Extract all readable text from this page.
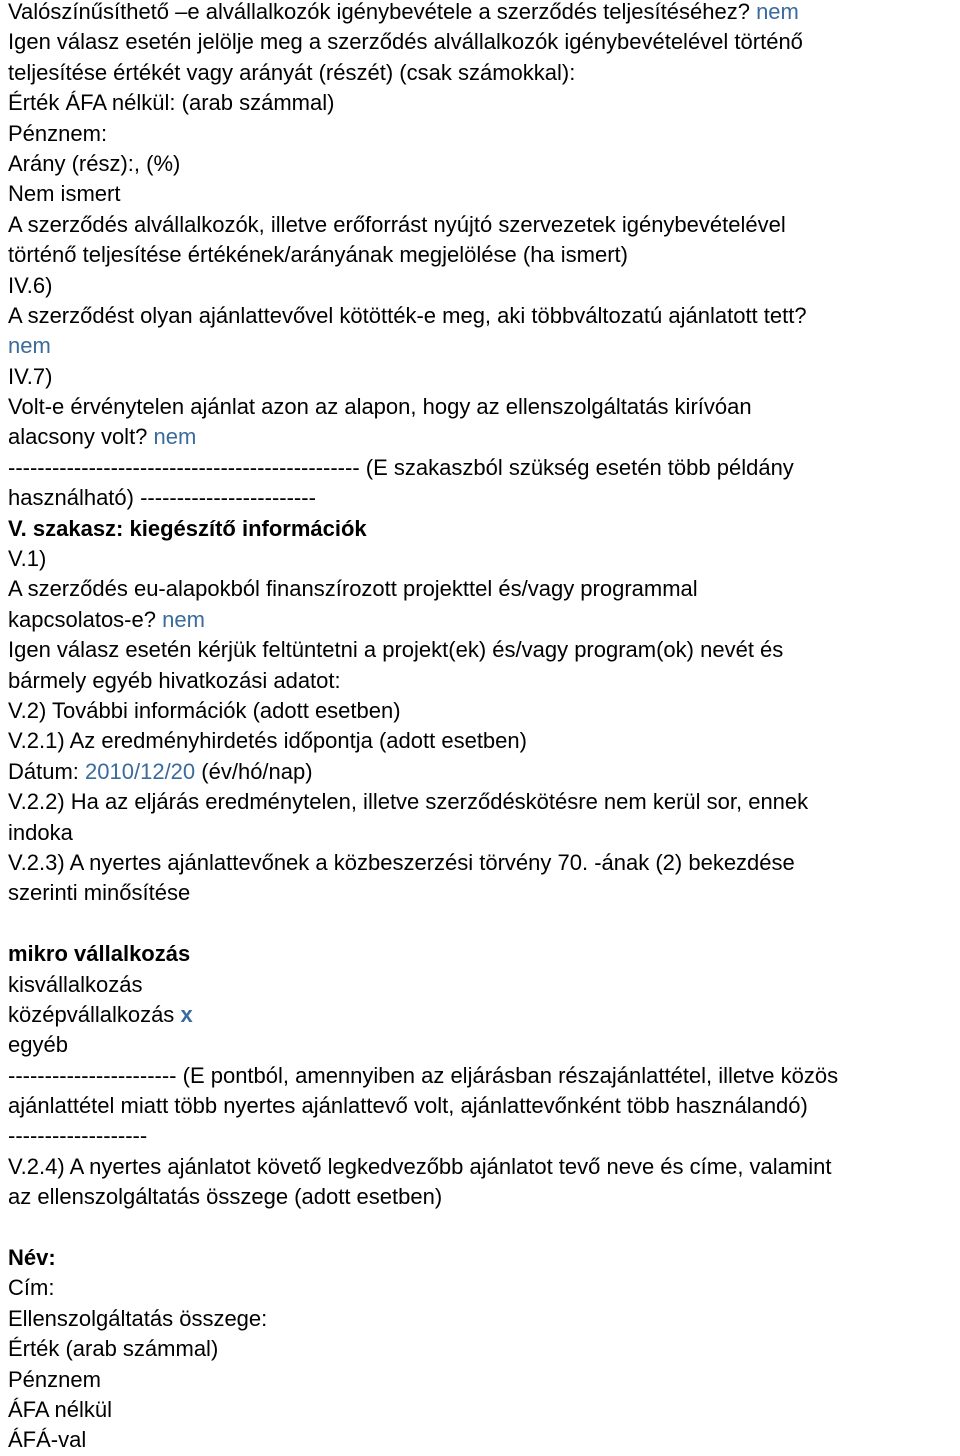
Valószínűsíthető –e alvállalkozók igénybevétele a szerződés teljesítéséhez? nem
Igen válasz esetén jelölje meg a szerződés alvállalkozók igénybevételével történő
teljesítése értékét vagy arányát (részét) (csak számokkal):
Érték ÁFA nélkül: (arab számmal)
Pénznem:
Arány (rész):, (%)
Nem ismert
A szerződés alvállalkozók, illetve erőforrást nyújtó szervezetek igénybevételével
történő teljesítése értékének/arányának megjelölése (ha ismert)
IV.6)
A szerződést olyan ajánlattevővel kötötték-e meg, aki többváltozatú ajánlatott tett?
nem
IV.7)
Volt-e érvénytelen ajánlat azon az alapon, hogy az ellenszolgáltatás kirívóan
alacsony volt? nem
------------------------------------------------ (E szakaszból szükség esetén több példány
használható) ------------------------
V. szakasz: kiegészítő információk
V.1)
A szerződés eu-alapokból finanszírozott projekttel és/vagy programmal
kapcsolatos-e? nem
Igen válasz esetén kérjük feltüntetni a projekt(ek) és/vagy program(ok) nevét és
bármely egyéb hivatkozási adatot:
V.2) További információk (adott esetben)
V.2.1) Az eredményhirdetés időpontja (adott esetben)
Dátum: 2010/12/20 (év/hó/nap)
V.2.2) Ha az eljárás eredménytelen, illetve szerződéskötésre nem kerül sor, ennek
indoka
V.2.3) A nyertes ajánlattevőnek a közbeszerzési törvény 70. -ának (2) bekezdése
szerinti minősítése
mikro vállalkozás
kisvállalkozás
középvállalkozás x
egyéb
----------------------- (E pontból, amennyiben az eljárásban részajánlattétel, illetve közös
ajánlattétel miatt több nyertes ajánlattevő volt, ajánlattevőnként több használandó)
-------------------
V.2.4) A nyertes ajánlatot követő legkedvezőbb ajánlatot tevő neve és címe, valamint
az ellenszolgáltatás összege (adott esetben)
Név:
Cím:
Ellenszolgáltatás összege:
Érték (arab számmal)
Pénznem
ÁFA nélkül
ÁFÁ-val
